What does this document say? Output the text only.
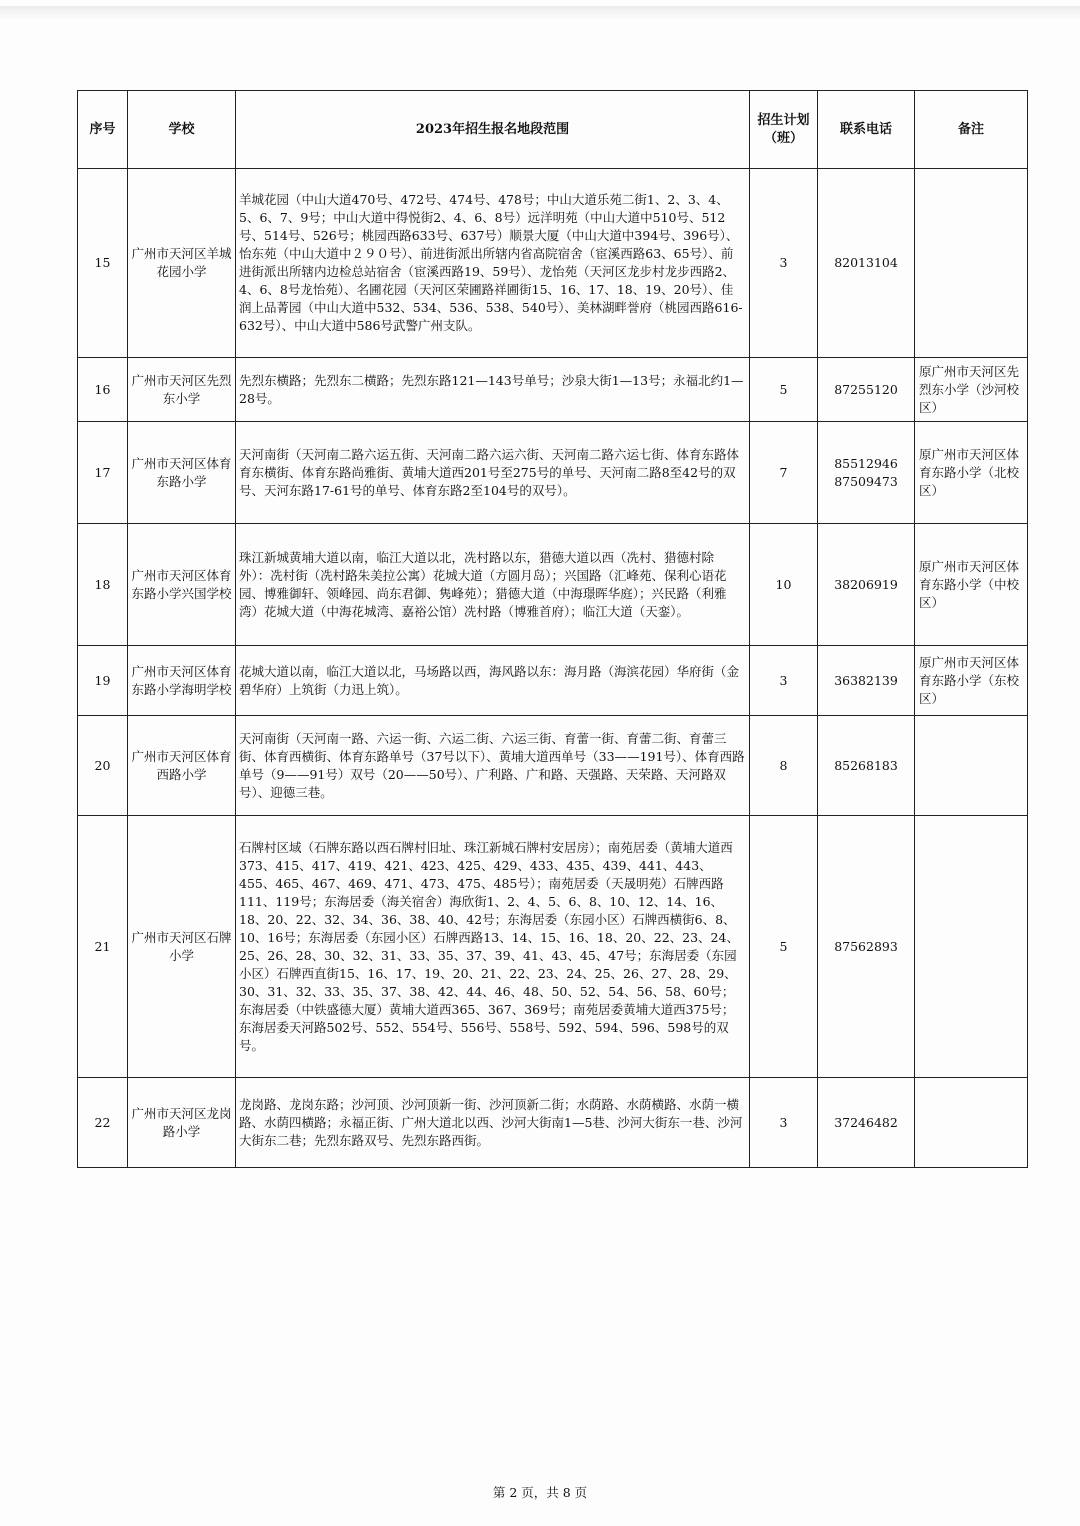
序号	学校	2023年招生报名地段范围	招生计划（班）	联系电话	备注
15	广州市天河区羊城花园小学	羊城花园（中山大道470号、472号、474号、478号；中山大道乐苑二街1、2、3、4、5、6、7、9号；中山大道中得悦街2、4、6、8号）远洋明苑（中山大道中510号、512号、514号、526号；桃园西路633号、637号）顺景大厦（中山大道中394号、396号）、怡东苑（中山大道中２９０号）、前进街派出所辖内省高院宿舍（宦溪西路63、65号）、前进街派出所辖内边检总站宿舍（宦溪西路19、59号）、龙怡苑（天河区龙步村龙步西路2、4、6、8号龙怡苑）、名圃花园（天河区荣圃路祥圃街15、16、17、18、19、20号）、佳润上品菁园（中山大道中532、534、536、538、540号）、美林湖畔誉府（桃园西路616-632号）、中山大道中586号武警广州支队。	3	82013104	
16	广州市天河区先烈东小学	先烈东横路；先烈东二横路；先烈东路121—143号单号；沙泉大街1—13号；永福北约1—28号。	5	87255120	原广州市天河区先烈东小学（沙河校区）
17	广州市天河区体育东路小学	天河南街（天河南二路六运五街、天河南二路六运六街、天河南二路六运七街、体育东路体育东横街、体育东路尚雅街、黄埔大道西201号至275号的单号、天河南二路8至42号的双号、天河东路17-61号的单号、体育东路2至104号的双号）。	7	85512946 87509473	原广州市天河区体育东路小学（北校区）
18	广州市天河区体育东路小学兴国学校	珠江新城黄埔大道以南，临江大道以北，冼村路以东，猎德大道以西（冼村、猎德村除外）：冼村街（冼村路朱美拉公寓）花城大道（方圆月岛）；兴国路（汇峰苑、保利心语花园、博雅御轩、领峰园、尚东君御、隽峰苑）；猎德大道（中海璟晖华庭）；兴民路（利雅湾）花城大道（中海花城湾、嘉裕公馆）冼村路（博雅首府）；临江大道（天銮）。	10	38206919	原广州市天河区体育东路小学（中校区）
19	广州市天河区体育东路小学海明学校	花城大道以南，临江大道以北，马场路以西，海风路以东：海月路（海滨花园）华府街（金碧华府）上筑街（力迅上筑）。	3	36382139	原广州市天河区体育东路小学（东校区）
20	广州市天河区体育西路小学	天河南街（天河南一路、六运一街、六运二街、六运三街、育蕾一街、育蕾二街、育蕾三街、体育西横街、体育东路单号（37号以下）、黄埔大道西单号（33——191号）、体育西路单号（9——91号）双号（20——50号）、广利路、广和路、天强路、天荣路、天河路双号）、迎德三巷。	8	85268183	
21	广州市天河区石牌小学	石牌村区域（石牌东路以西石牌村旧址、珠江新城石牌村安居房）；南苑居委（黄埔大道西373、415、417、419、421、423、425、429、433、435、439、441、443、455、465、467、469、471、473、475、485号）；南苑居委（天晟明苑）石牌西路111、119号；东海居委（海关宿舍）海欣街1、2、4、5、6、8、10、12、14、16、18、20、22、32、34、36、38、40、42号；东海居委（东园小区）石牌西横街6、8、10、16号；东海居委（东园小区）石牌西路13、14、15、16、18、20、22、23、24、25、26、28、30、32、31、33、35、37、39、41、43、45、47号；东海居委（东园小区）石牌西直街15、16、17、19、20、21、22、23、24、25、26、27、28、29、30、31、32、33、35、37、38、42、44、46、48、50、52、54、56、58、60号；东海居委（中铁盛德大厦）黄埔大道西365、367、369号；南苑居委黄埔大道西375号；东海居委天河路502号、552、554号、556号、558号、592、594、596、598号的双号。	5	87562893	
22	广州市天河区龙岗路小学	龙岗路、龙岗东路；沙河顶、沙河顶新一街、沙河顶新二街；水荫路、水荫横路、水荫一横路、水荫四横路；永福正街、广州大道北以西、沙河大街南1—5巷、沙河大街东一巷、沙河大街东二巷；先烈东路双号、先烈东路西街。	3	37246482	
第 2 页，共 8 页
